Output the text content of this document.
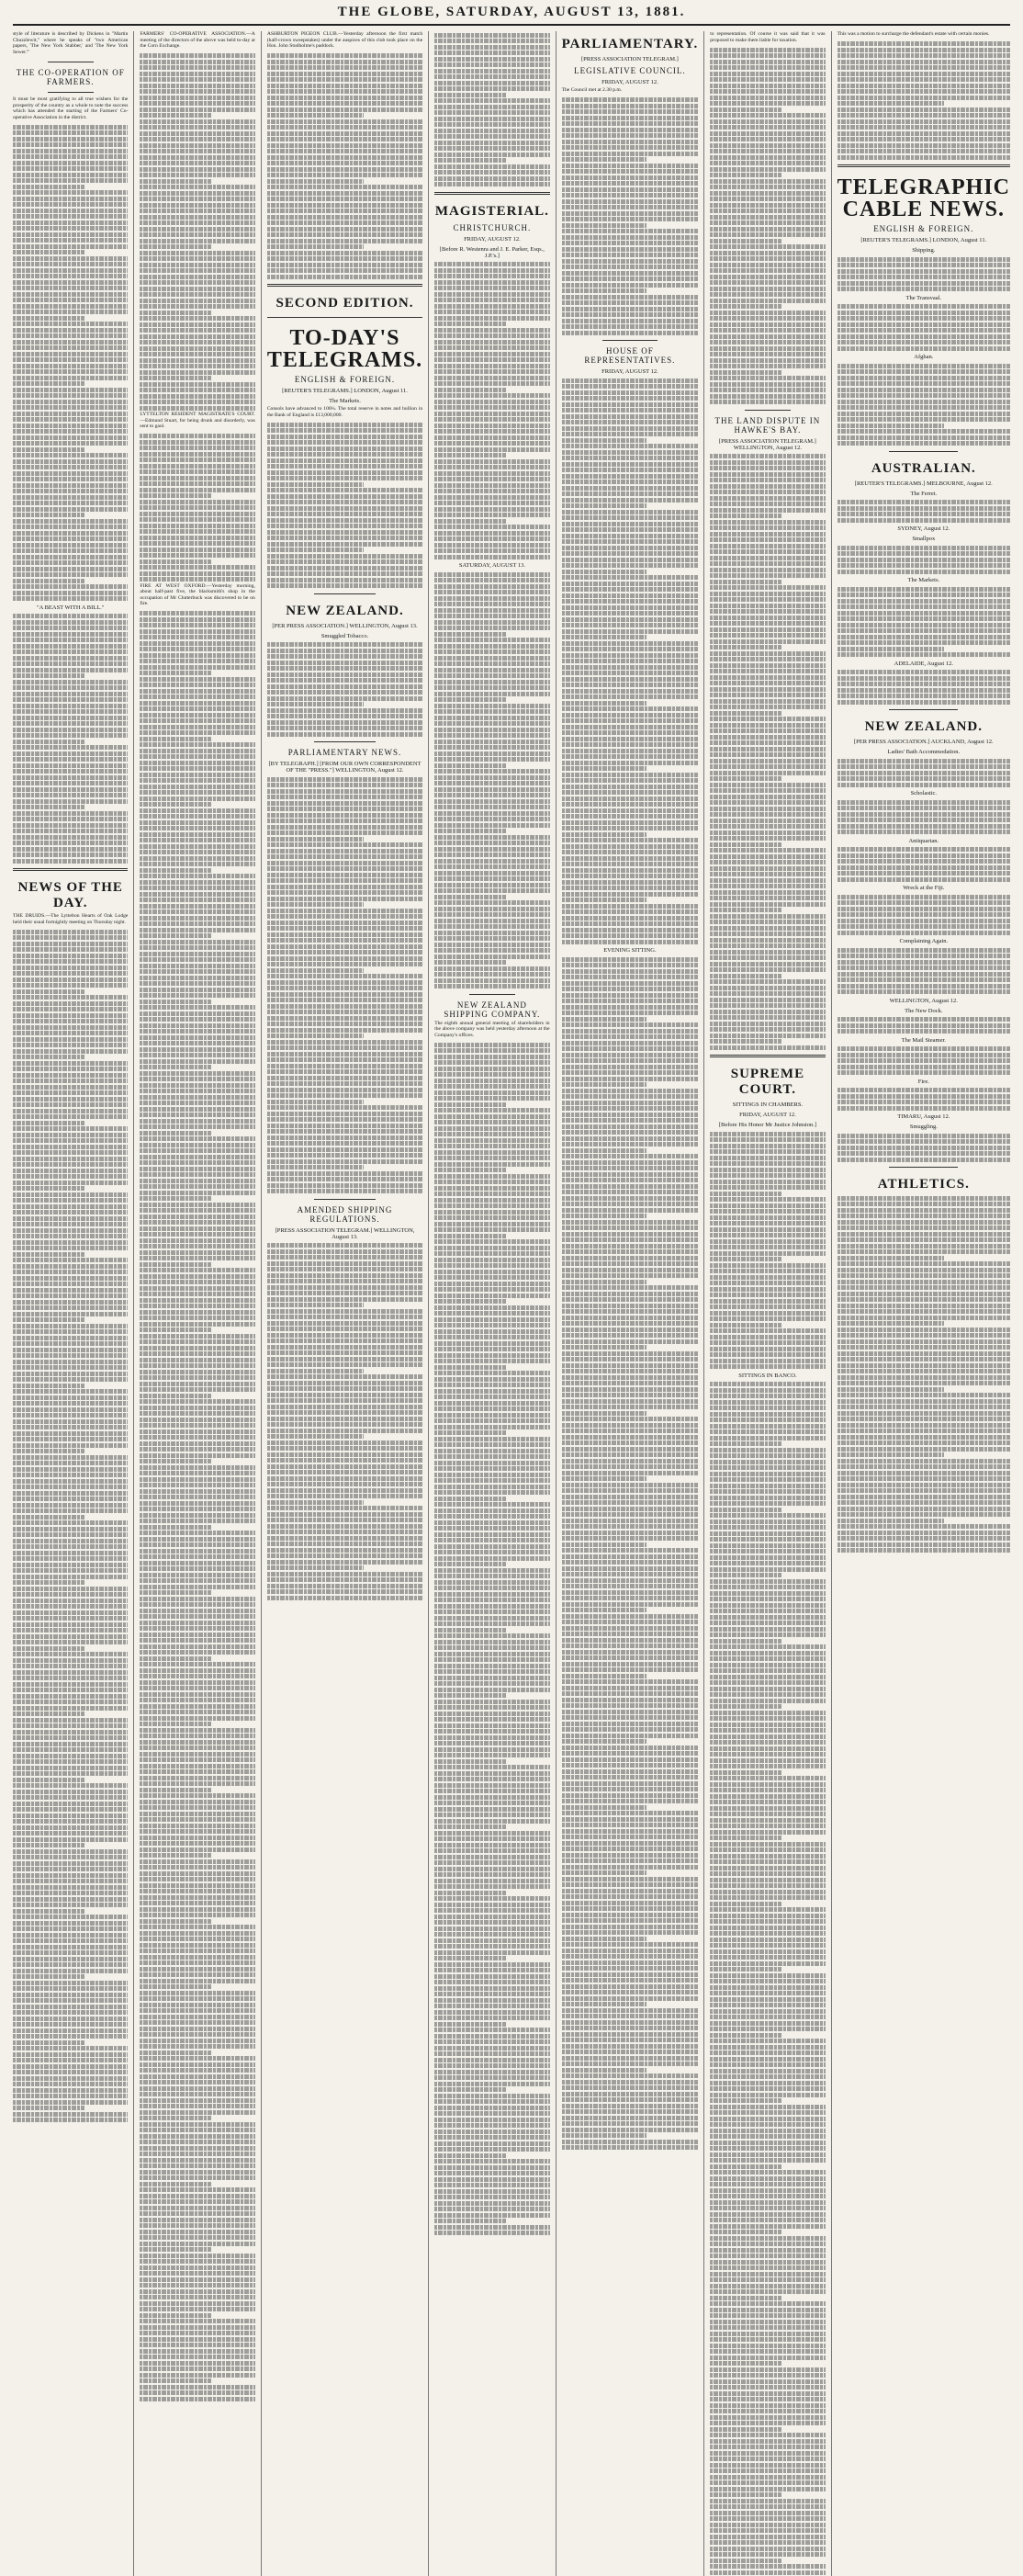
THE GLOBE, SATURDAY, AUGUST 13, 1881.

style of literature is described by Dickens in "Martin Chuzzlewit," where he speaks of "two American papers, 'The New York Stabber,' and 'The New York Sewer.'"

THE CO-OPERATION OF FARMERS.

It must be most gratifying to all true wishers for the prosperity of the country as a whole to note the success which has attended the starting of the Farmers' Co-operative Association in the district.

"A BEAST WITH A BILL."
NEWS OF THE DAY.

THE DRUIDS.—The Lyttelton Hearts of Oak Lodge held their usual fortnightly meeting on Thursday night.

FARMERS' CO-OPERATIVE ASSOCIATION.—A meeting of the directors of the above was held to-day at the Corn Exchange.

LYTTELTON RESIDENT MAGISTRATE'S COURT.—Edmund Stuart, for being drunk and disorderly, was sent to gaol.

FIRE AT WEST OXFORD.—Yesterday morning, about half-past five, the blacksmith's shop in the occupation of Mr Clutterbuck was discovered to be on fire.

ASHBURTON PIGEON CLUB.—Yesterday afternoon the first match (half-crown sweepstakes) under the auspices of this club took place on the Hon. John Studholme's paddock.

SECOND EDITION.
TO-DAY'S TELEGRAMS.
ENGLISH & FOREIGN.
[REUTER'S TELEGRAMS.] LONDON, August 11.
The Markets.

Consols have advanced to 100¼. The total reserve in notes and bullion in the Bank of England is £13,000,000.

NEW ZEALAND.
[PER PRESS ASSOCIATION.] WELLINGTON, August 13.
Smuggled Tobacco.
PARLIAMENTARY NEWS.
[BY TELEGRAPH.] [FROM OUR OWN CORRESPONDENT OF THE "PRESS."] WELLINGTON, August 12.
AMENDED SHIPPING REGULATIONS.
[PRESS ASSOCIATION TELEGRAM.] WELLINGTON, August 13.
MAGISTERIAL.
CHRISTCHURCH.
FRIDAY, AUGUST 12.
[Before R. Westenra and J. E. Parker, Esqs., J.P.'s.]
SATURDAY, AUGUST 13.
NEW ZEALAND SHIPPING COMPANY.

The eighth annual general meeting of shareholders in the above company was held yesterday afternoon at the Company's offices.

PARLIAMENTARY.
[PRESS ASSOCIATION TELEGRAM.]
LEGISLATIVE COUNCIL.
FRIDAY, AUGUST 12.

The Council met at 2.30 p.m.

HOUSE OF REPRESENTATIVES.
FRIDAY, AUGUST 12.
EVENING SITTING.

to representation. Of course it was said that it was proposed to make them liable for taxation.

THE LAND DISPUTE IN HAWKE'S BAY.
[PRESS ASSOCIATION TELEGRAM.] WELLINGTON, August 12.
SUPREME COURT.
SITTINGS IN CHAMBERS.
FRIDAY, AUGUST 12.
[Before His Honor Mr Justice Johnston.]
SITTINGS IN BANCO.

This was a motion to surcharge the defendant's estate with certain monies.

TELEGRAPHIC CABLE NEWS.
ENGLISH & FOREIGN.
[REUTER'S TELEGRAMS.] LONDON, August 11.
Shipping.
The Transvaal.
Afghan.
AUSTRALIAN.
[REUTER'S TELEGRAMS.] MELBOURNE, August 12.
The Ferret.
SYDNEY, August 12.
Smallpox
The Markets.
ADELAIDE, August 12.
NEW ZEALAND.
[PER PRESS ASSOCIATION.] AUCKLAND, August 12.
Ladies' Bath Accommodation.
Scholastic.
Antiquarian.
Wreck at the Fiji.
Complaining Again.
WELLINGTON, August 12.
The New Dock.
The Mail Steamer.
Fire.
TIMARU, August 12.
Smuggling.
ATHLETICS.
